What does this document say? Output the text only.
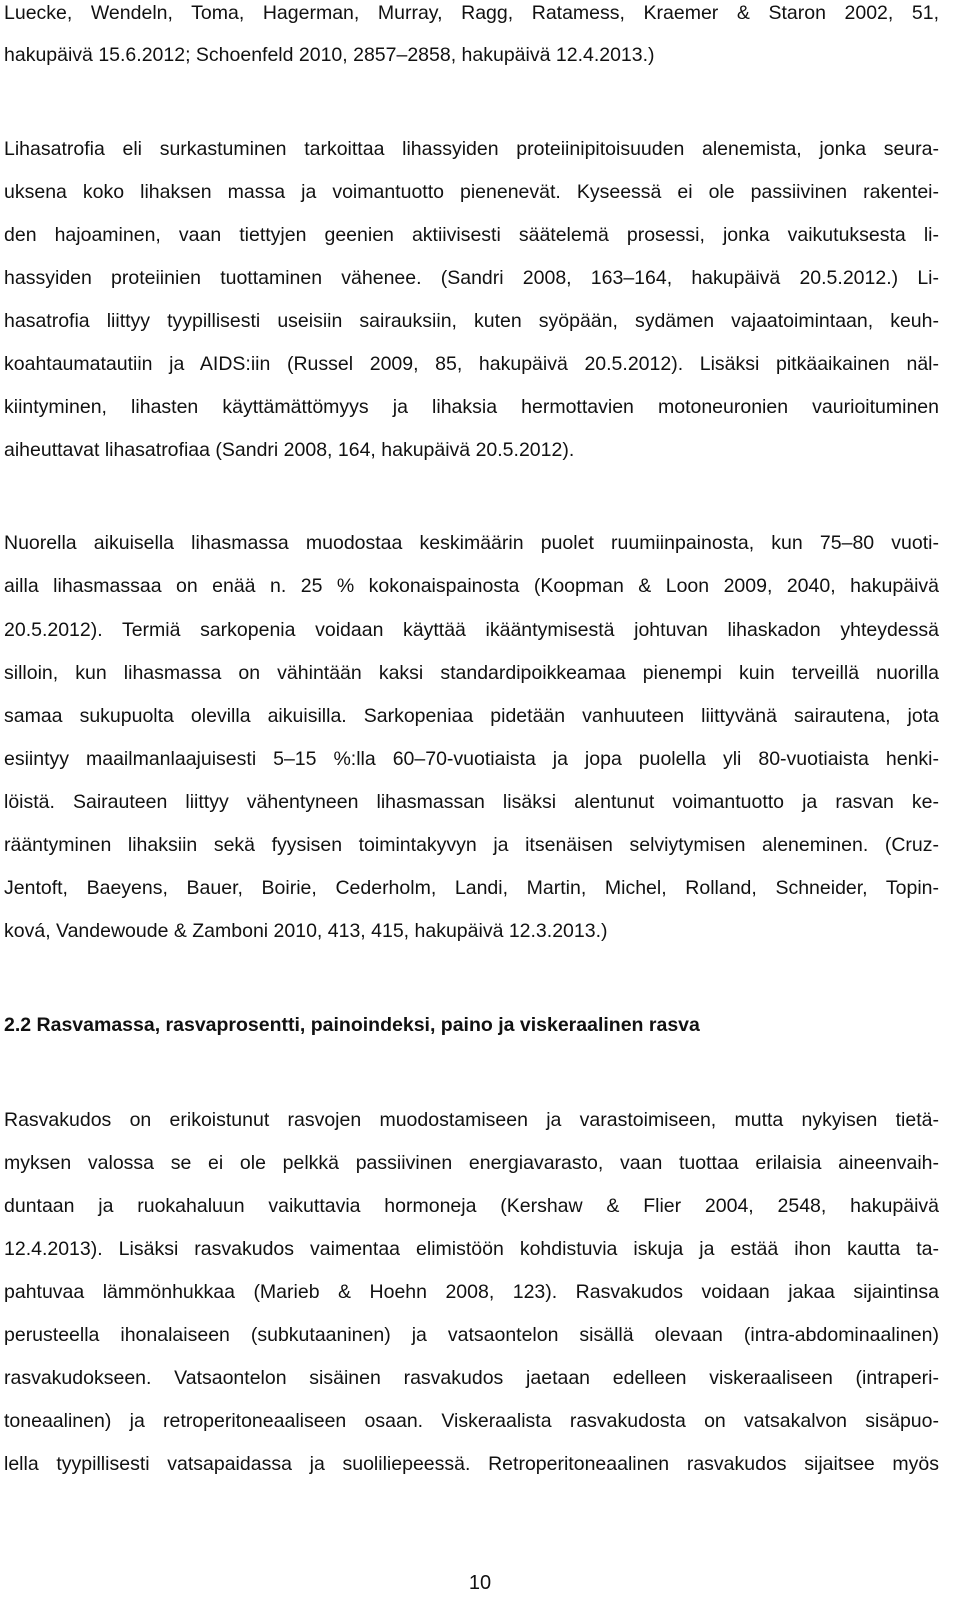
Luecke, Wendeln, Toma, Hagerman, Murray, Ragg, Ratamess, Kraemer & Staron 2002, 51,
hakupäivä 15.6.2012; Schoenfeld 2010, 2857–2858, hakupäivä 12.4.2013.)
Lihasatrofia eli surkastuminen tarkoittaa lihassyiden proteiinipitoisuuden alenemista, jonka seura-
uksena koko lihaksen massa ja voimantuotto pienenevät. Kyseessä ei ole passiivinen rakentei-
den hajoaminen, vaan tiettyjen geenien aktiivisesti säätelemä prosessi, jonka vaikutuksesta li-
hassyiden proteiinien tuottaminen vähenee. (Sandri 2008, 163–164, hakupäivä 20.5.2012.) Li-
hasatrofia liittyy tyypillisesti useisiin sairauksiin, kuten syöpään, sydämen vajaatoimintaan, keuh-
koahtaumatautiin ja AIDS:iin (Russel 2009, 85, hakupäivä 20.5.2012). Lisäksi pitkäaikainen näl-
kiintyminen, lihasten käyttämättömyys ja lihaksia hermottavien motoneuronien vaurioituminen
aiheuttavat lihasatrofiaa (Sandri 2008, 164, hakupäivä 20.5.2012).
Nuorella aikuisella lihasmassa muodostaa keskimäärin puolet ruumiinpainosta, kun 75–80 vuoti-
ailla lihasmassaa on enää n. 25 % kokonaispainosta (Koopman & Loon 2009, 2040, hakupäivä
20.5.2012). Termiä sarkopenia voidaan käyttää ikääntymisestä johtuvan lihaskadon yhteydessä
silloin, kun lihasmassa on vähintään kaksi standardipoikkeamaa pienempi kuin terveillä nuorilla
samaa sukupuolta olevilla aikuisilla. Sarkopeniaa pidetään vanhuuteen liittyvänä sairautena, jota
esiintyy maailmanlaajuisesti 5–15 %:lla 60–70-vuotiaista ja jopa puolella yli 80-vuotiaista henki-
löistä. Sairauteen liittyy vähentyneen lihasmassan lisäksi alentunut voimantuotto ja rasvan ke-
rääntyminen lihaksiin sekä fyysisen toimintakyvyn ja itsenäisen selviytymisen aleneminen. (Cruz-
Jentoft, Baeyens, Bauer, Boirie, Cederholm, Landi, Martin, Michel, Rolland, Schneider, Topin-
ková, Vandewoude & Zamboni 2010, 413, 415, hakupäivä 12.3.2013.)
2.2 Rasvamassa, rasvaprosentti, painoindeksi, paino ja viskeraalinen rasva
Rasvakudos on erikoistunut rasvojen muodostamiseen ja varastoimiseen, mutta nykyisen tietä-
myksen valossa se ei ole pelkkä passiivinen energiavarasto, vaan tuottaa erilaisia aineenvaih-
duntaan ja ruokahaluun vaikuttavia hormoneja (Kershaw & Flier 2004, 2548, hakupäivä
12.4.2013). Lisäksi rasvakudos vaimentaa elimistöön kohdistuvia iskuja ja estää ihon kautta ta-
pahtuvaa lämmönhukkaa (Marieb & Hoehn 2008, 123). Rasvakudos voidaan jakaa sijaintinsa
perusteella ihonalaiseen (subkutaaninen) ja vatsaontelon sisällä olevaan (intra-abdominaalinen)
rasvakudokseen. Vatsaontelon sisäinen rasvakudos jaetaan edelleen viskeraaliseen (intraperi-
toneaalinen) ja retroperitoneaaliseen osaan. Viskeraalista rasvakudosta on vatsakalvon sisäpuo-
lella tyypillisesti vatsapaidassa ja suoliliepeessä. Retroperitoneaalinen rasvakudos sijaitsee myös
10
